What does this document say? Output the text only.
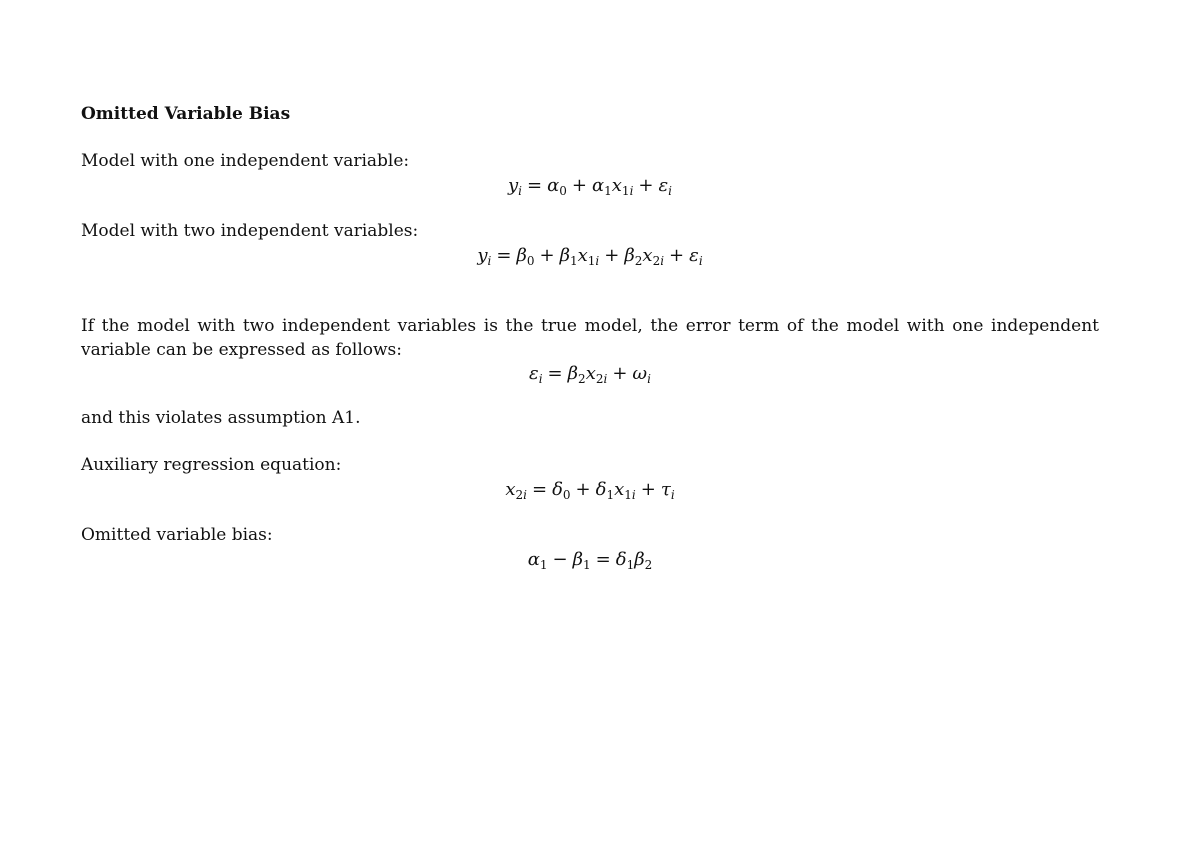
Omitted Variable Bias
Model with one independent variable:
$y_i = \alpha_0 + \alpha_1x_{1i} + \varepsilon_i$
Model with two independent variables:
$y_i = \beta_0 + \beta_1x_{1i} + \beta_2x_{2i} + \varepsilon_i$
If the model with two independent variables is the true model, the error term of the model with one independent variable can be expressed as follows:
$\varepsilon_i = \beta_2x_{2i} + \omega_i$
and this violates assumption A1.
Auxiliary regression equation:
$x_{2i} = \delta_0 + \delta_1x_{1i} + \tau_i$
Omitted variable bias:
$\alpha_1 - \beta_1 = \delta_1\beta_2$
